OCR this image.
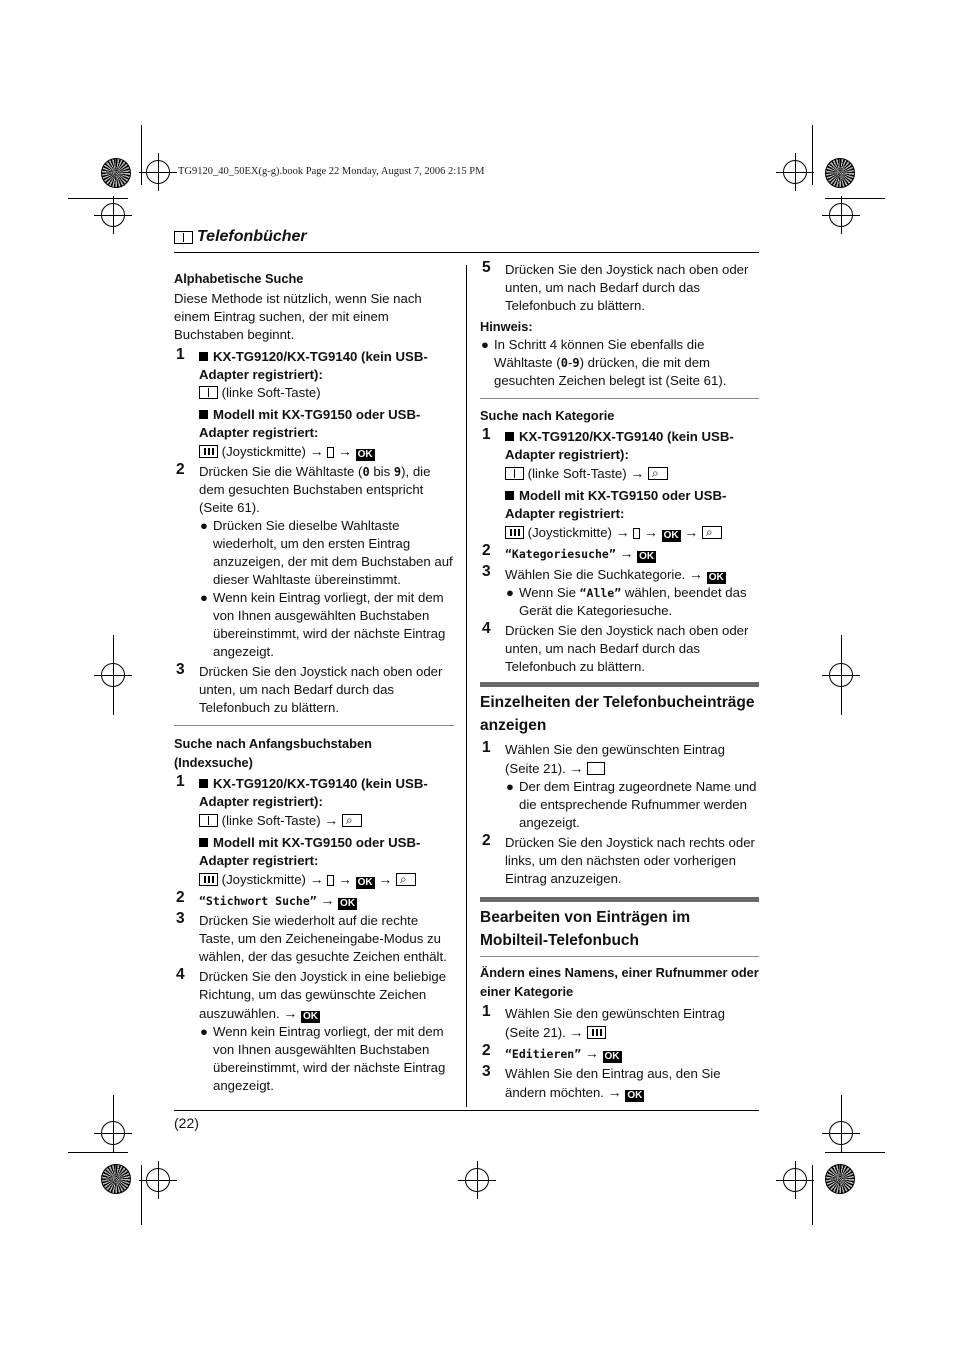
TG9120_40_50EX(g-g).book Page 22 Monday, August 7, 2006 2:15 PM
Telefonbücher

Alphabetische Suche

Diese Methode ist nützlich, wenn Sie nach einem Eintrag suchen, der mit einem Buchstaben beginnt.

1	KX-TG9120/KX-TG9140 (kein USB-Adapter registriert):
(linke Soft-Taste)
Modell mit KX-TG9150 oder USB-Adapter registriert:
(Joystickmitte) → → OK
2 Drücken Sie die Wähltaste (0 bis 9), die dem gesuchten Buchstaben entspricht (Seite 61).
● Drücken Sie dieselbe Wahltaste wiederholt, um den ersten Eintrag anzuzeigen, der mit dem Buchstaben auf dieser Wahltaste übereinstimmt.
● Wenn kein Eintrag vorliegt, der mit dem von Ihnen ausgewählten Buchstaben übereinstimmt, wird der nächste Eintrag angezeigt.
3 Drücken Sie den Joystick nach oben oder unten, um nach Bedarf durch das Telefonbuch zu blättern.

Suche nach Anfangsbuchstaben (Indexsuche)

1	KX-TG9120/KX-TG9140 (kein USB-Adapter registriert):
(linke Soft-Taste) → ⌕
Modell mit KX-TG9150 oder USB-Adapter registriert:
(Joystickmitte) → → OK → ⌕
2 “Stichwort Suche” → OK
3 Drücken Sie wiederholt auf die rechte Taste, um den Zeicheneingabe-Modus zu wählen, der das gesuchte Zeichen enthält.
4 Drücken Sie den Joystick in eine beliebige Richtung, um das gewünschte Zeichen auszuwählen. → OK
● Wenn kein Eintrag vorliegt, der mit dem von Ihnen ausgewählten Buchstaben übereinstimmt, wird der nächste Eintrag angezeigt.
5 Drücken Sie den Joystick nach oben oder unten, um nach Bedarf durch das Telefonbuch zu blättern.

Hinweis:

● In Schritt 4 können Sie ebenfalls die Wähltaste (0-9) drücken, die mit dem gesuchten Zeichen belegt ist (Seite 61).

Suche nach Kategorie

1	KX-TG9120/KX-TG9140 (kein USB-Adapter registriert):
(linke Soft-Taste) → ⌕
Modell mit KX-TG9150 oder USB-Adapter registriert:
(Joystickmitte) → → OK → ⌕
2 “Kategoriesuche” → OK
3 Wählen Sie die Suchkategorie. → OK
● Wenn Sie “Alle” wählen, beendet das Gerät die Kategoriesuche.
4 Drücken Sie den Joystick nach oben oder unten, um nach Bedarf durch das Telefonbuch zu blättern.

Einzelheiten der Telefonbucheinträge anzeigen

1 Wählen Sie den gewünschten Eintrag (Seite 21). →
● Der dem Eintrag zugeordnete Name und die entsprechende Rufnummer werden angezeigt.
2 Drücken Sie den Joystick nach rechts oder links, um den nächsten oder vorherigen Eintrag anzuzeigen.

Bearbeiten von Einträgen im Mobilteil-Telefonbuch

Ändern eines Namens, einer Rufnummer oder einer Kategorie

1 Wählen Sie den gewünschten Eintrag (Seite 21). →
2 “Editieren” → OK
3 Wählen Sie den Eintrag aus, den Sie ändern möchten. → OK
(22)
